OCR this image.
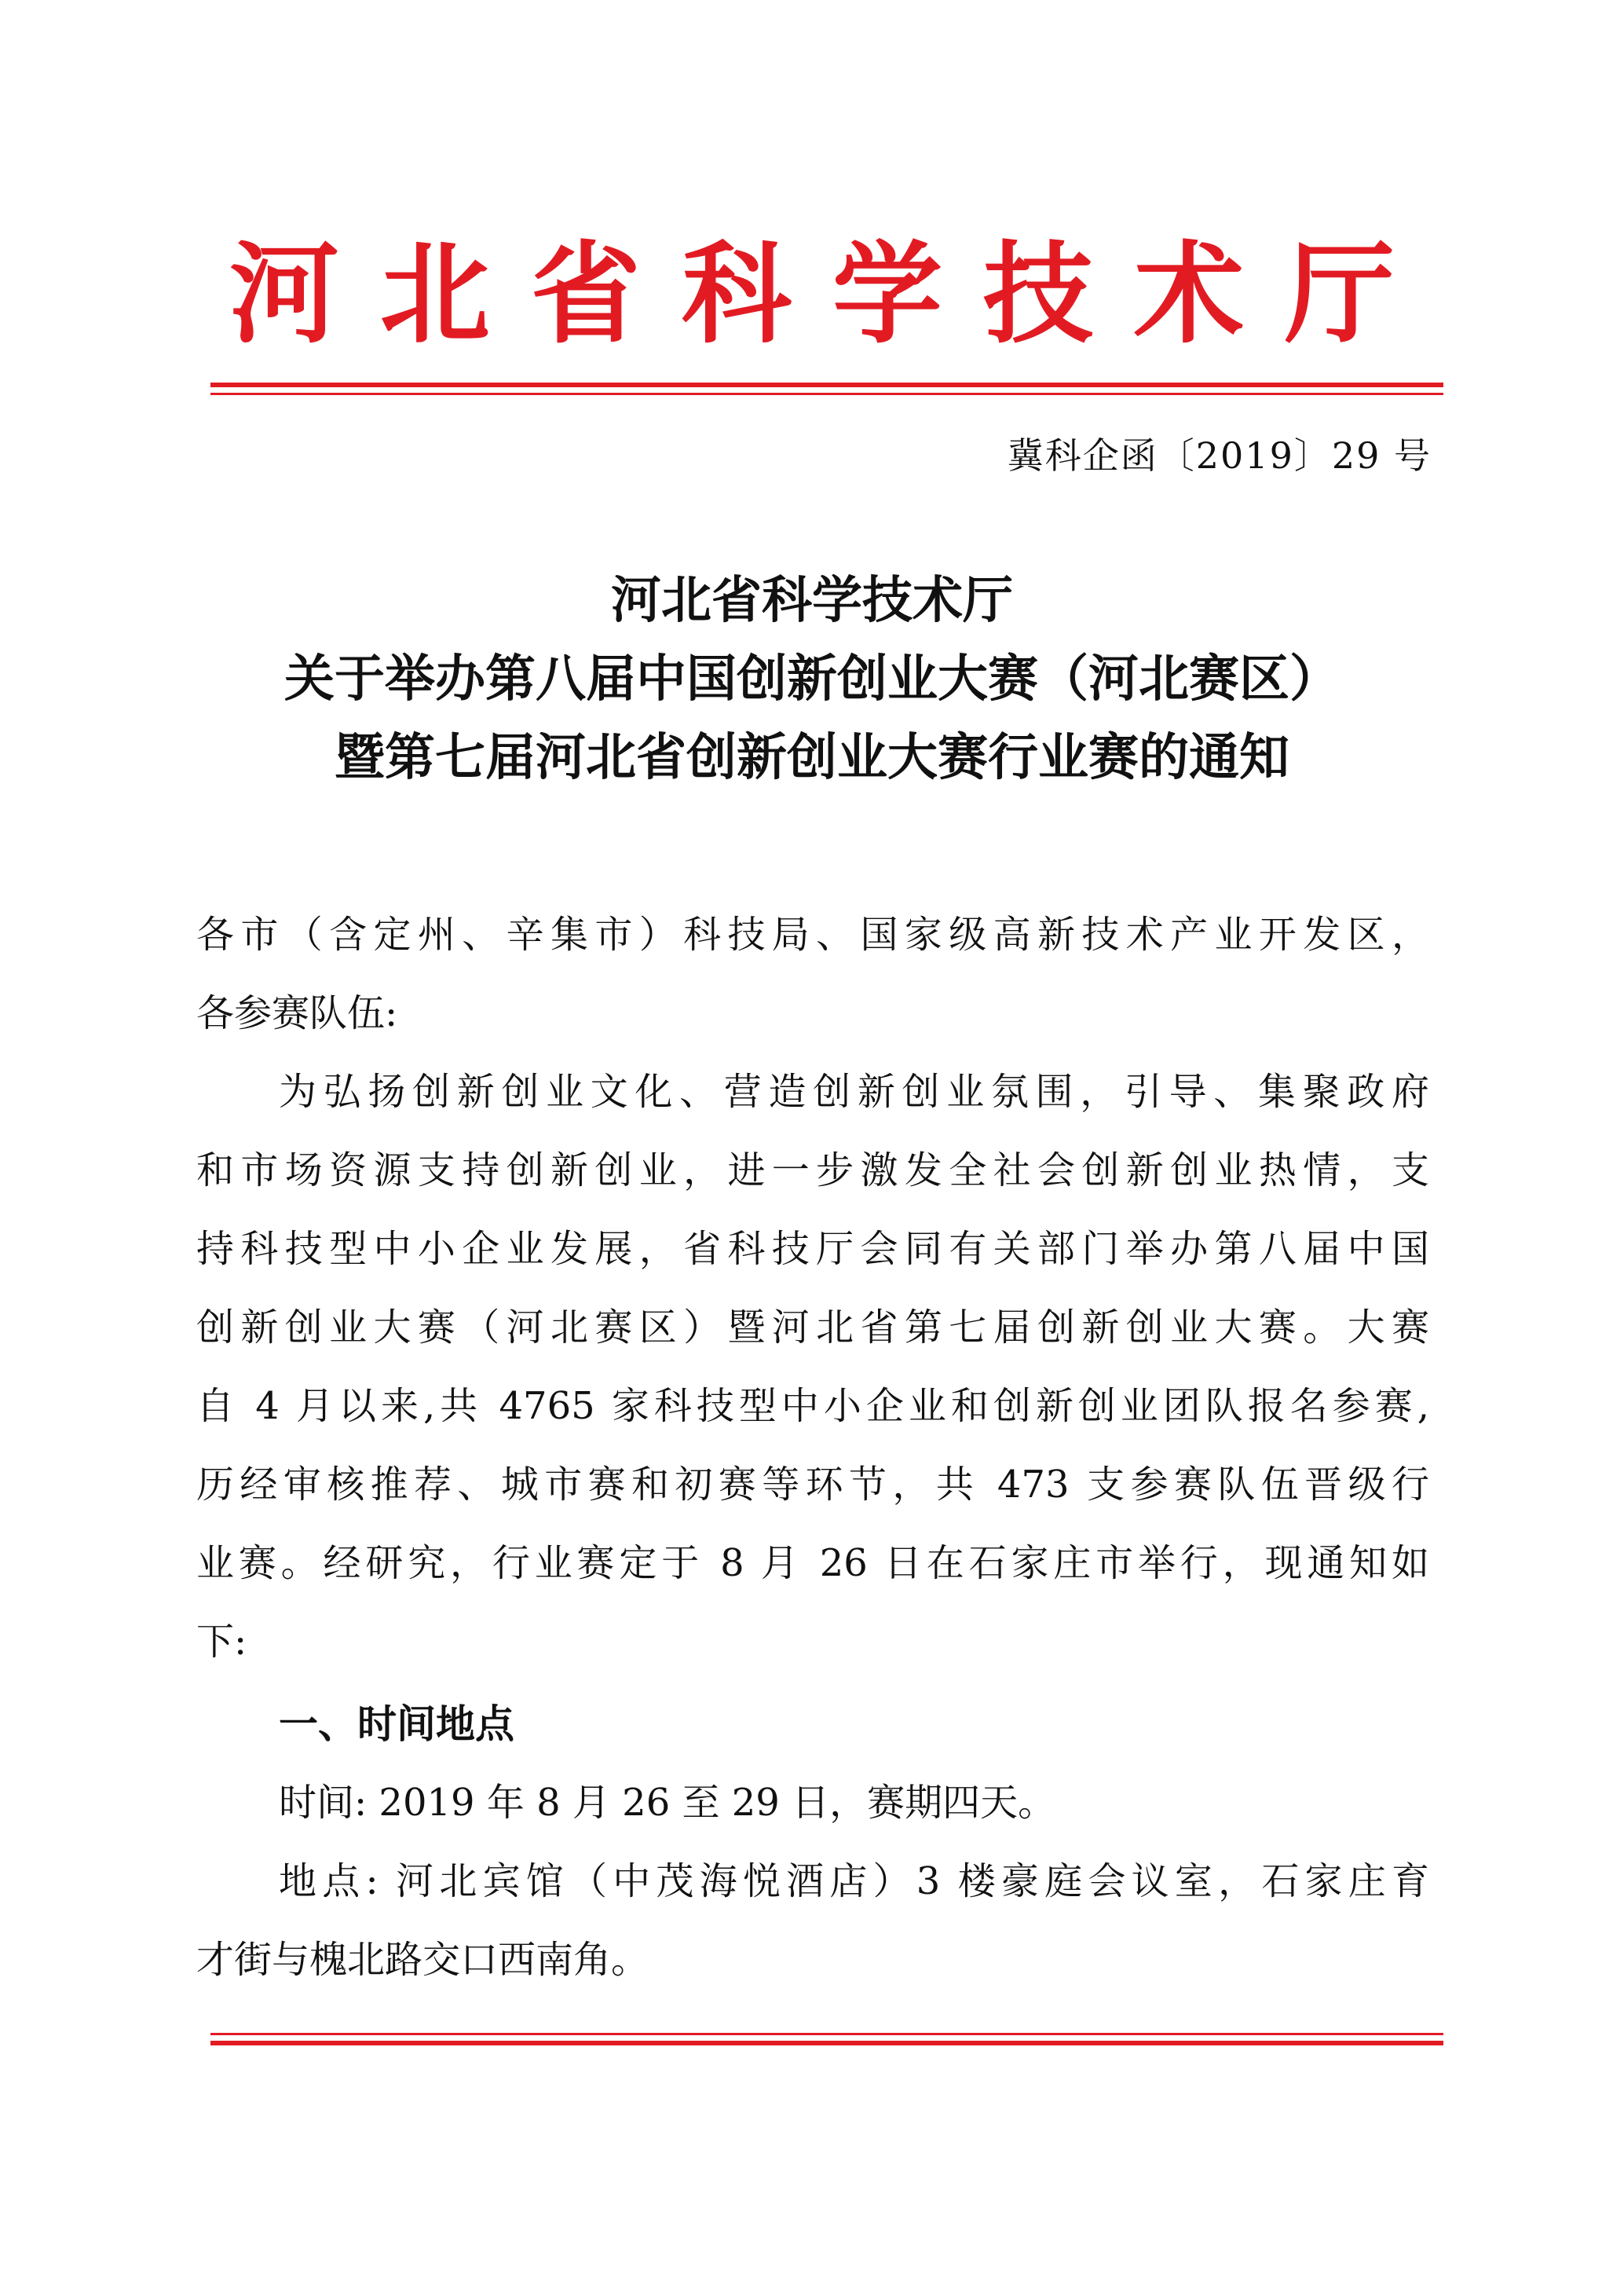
河北省科学技术厅
冀科企函〔2019〕29 号
河北省科学技术厅
关于举办第八届中国创新创业大赛（河北赛区）
暨第七届河北省创新创业大赛行业赛的通知
各市（含定州、辛集市）科技局、国家级高新技术产业开发区，
各参赛队伍:
为弘扬创新创业文化、营造创新创业氛围，引导、集聚政府
和市场资源支持创新创业，进一步激发全社会创新创业热情，支
持科技型中小企业发展，省科技厅会同有关部门举办第八届中国
创新创业大赛（河北赛区）暨河北省第七届创新创业大赛。大赛
自 4 月以来,共 4765 家科技型中小企业和创新创业团队报名参赛,
历经审核推荐、城市赛和初赛等环节，共 473 支参赛队伍晋级行
业赛。经研究，行业赛定于 8 月 26 日在石家庄市举行，现通知如
下:
一、时间地点
时间: 2019 年 8 月 26 至 29 日，赛期四天。
地点: 河北宾馆（中茂海悦酒店）3 楼豪庭会议室，石家庄育
才街与槐北路交口西南角。
